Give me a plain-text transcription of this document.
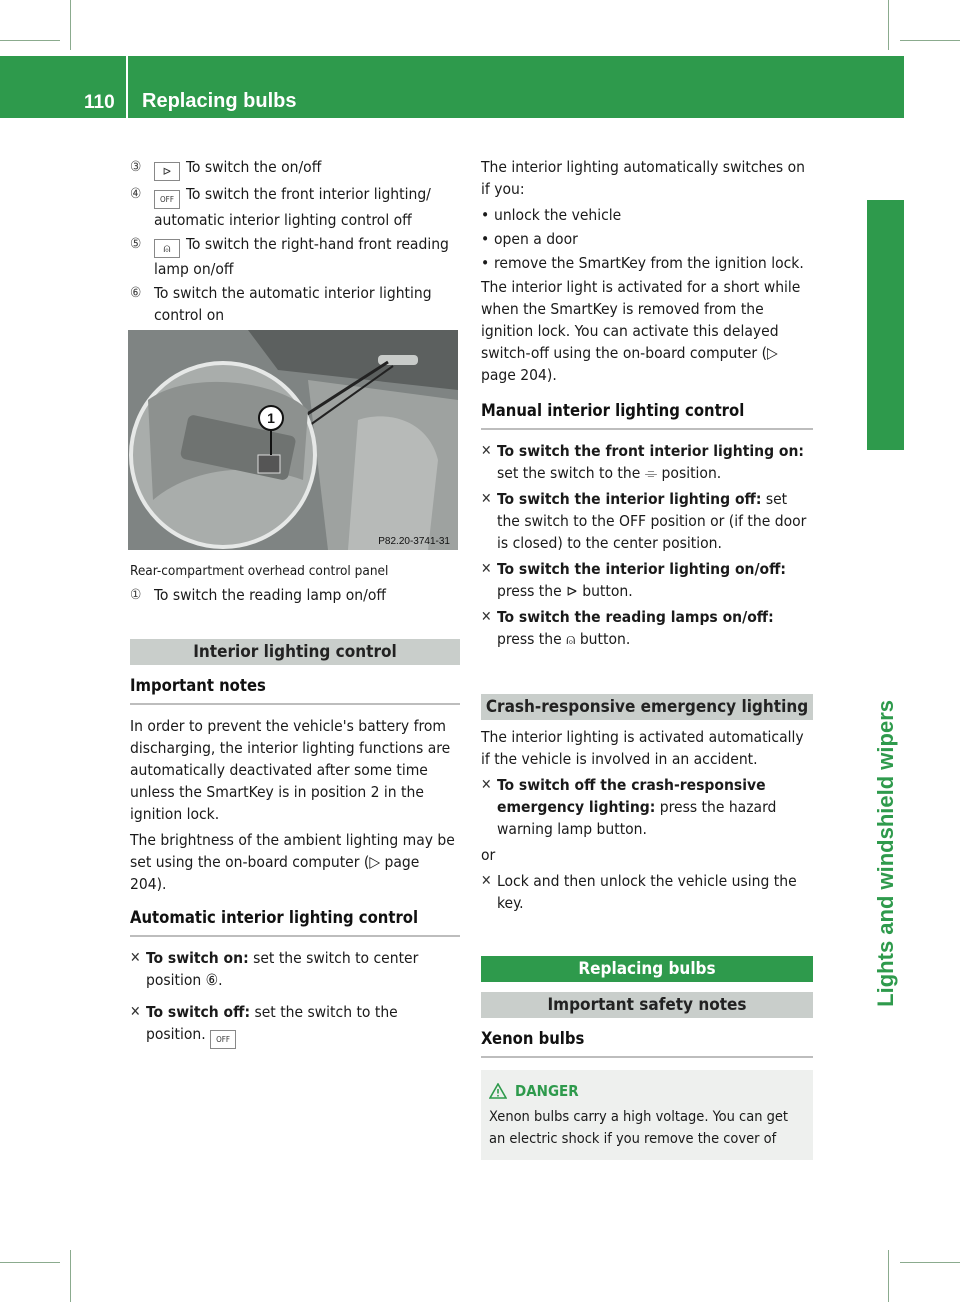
110 Replacing bulbs
Lights and windshield wipers
③	⊳ To switch the on/off
④	OFF To switch the front interior lighting/ automatic interior lighting control off
⑤	⍝ To switch the right-hand front reading lamp on/off
⑥ To switch the automatic interior lighting control on
1
P82.20-3741-31
Rear-compartment overhead control panel
① To switch the reading lamp on/off
Interior lighting control
Important notes

In order to prevent the vehicle's battery from discharging, the interior lighting functions are automatically deactivated after some time unless the SmartKey is in position 2 in the ignition lock.

The brightness of the ambient lighting may be set using the on-board computer (▷ page 204).

Automatic interior lighting control
✕ To switch on: set the switch to center position ⑥.
✕ To switch off: set the switch to the position. OFF

The interior lighting automatically switches on if you:

• unlock the vehicle
• open a door
• remove the SmartKey from the ignition lock.

The interior light is activated for a short while when the SmartKey is removed from the ignition lock. You can activate this delayed switch-off using the on-board computer (▷ page 204).

Manual interior lighting control
✕ To switch the front interior lighting on: set the switch to the ⌯ position.
✕ To switch the interior lighting off: set the switch to the OFF position or (if the door is closed) to the center position.
✕ To switch the interior lighting on/off: press the ⊳ button.
✕ To switch the reading lamps on/off: press the ⍝ button.
Crash-responsive emergency lighting

The interior lighting is activated automatically if the vehicle is involved in an accident.

✕ To switch off the crash-responsive emergency lighting: press the hazard warning lamp button.
or
✕ Lock and then unlock the vehicle using the key.
Replacing bulbs
Important safety notes
Xenon bulbs
DANGER
Xenon bulbs carry a high voltage. You can get an electric shock if you remove the cover of
